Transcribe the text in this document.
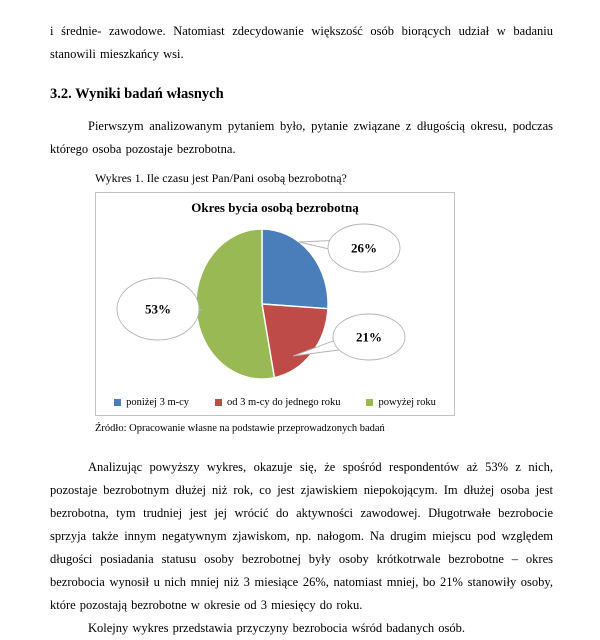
i średnie- zawodowe. Natomiast zdecydowanie większość osób biorących udział w badaniu stanowili mieszkańcy wsi.

3.2. Wyniki badań własnych

Pierwszym analizowanym pytaniem było, pytanie związane z długością okresu, podczas którego osoba pozostaje bezrobotna.

Wykres 1. Ile czasu jest Pan/Pani osobą bezrobotną?
26%
21%
53%
Okres bycia osobą bezrobotną
poniżej 3 m-cy	od 3 m-cy do jednego roku	powyżej roku
Źródło: Opracowanie własne na podstawie przeprowadzonych badań

Analizując powyższy wykres, okazuje się, że spośród respondentów aż 53% z nich, pozostaje bezrobotnym dłużej niż rok, co jest zjawiskiem niepokojącym. Im dłużej osoba jest bezrobotna, tym trudniej jest jej wrócić do aktywności zawodowej. Długotrwałe bezrobocie sprzyja także innym negatywnym zjawiskom, np. nałogom. Na drugim miejscu pod względem długości posiadania statusu osoby bezrobotnej były osoby krótkotrwale bezrobotne – okres bezrobocia wynosił u nich mniej niż 3 miesiące 26%, natomiast mniej, bo 21% stanowiły osoby, które pozostają bezrobotne w okresie od 3 miesięcy do roku.

Kolejny wykres przedstawia przyczyny bezrobocia wśród badanych osób.
